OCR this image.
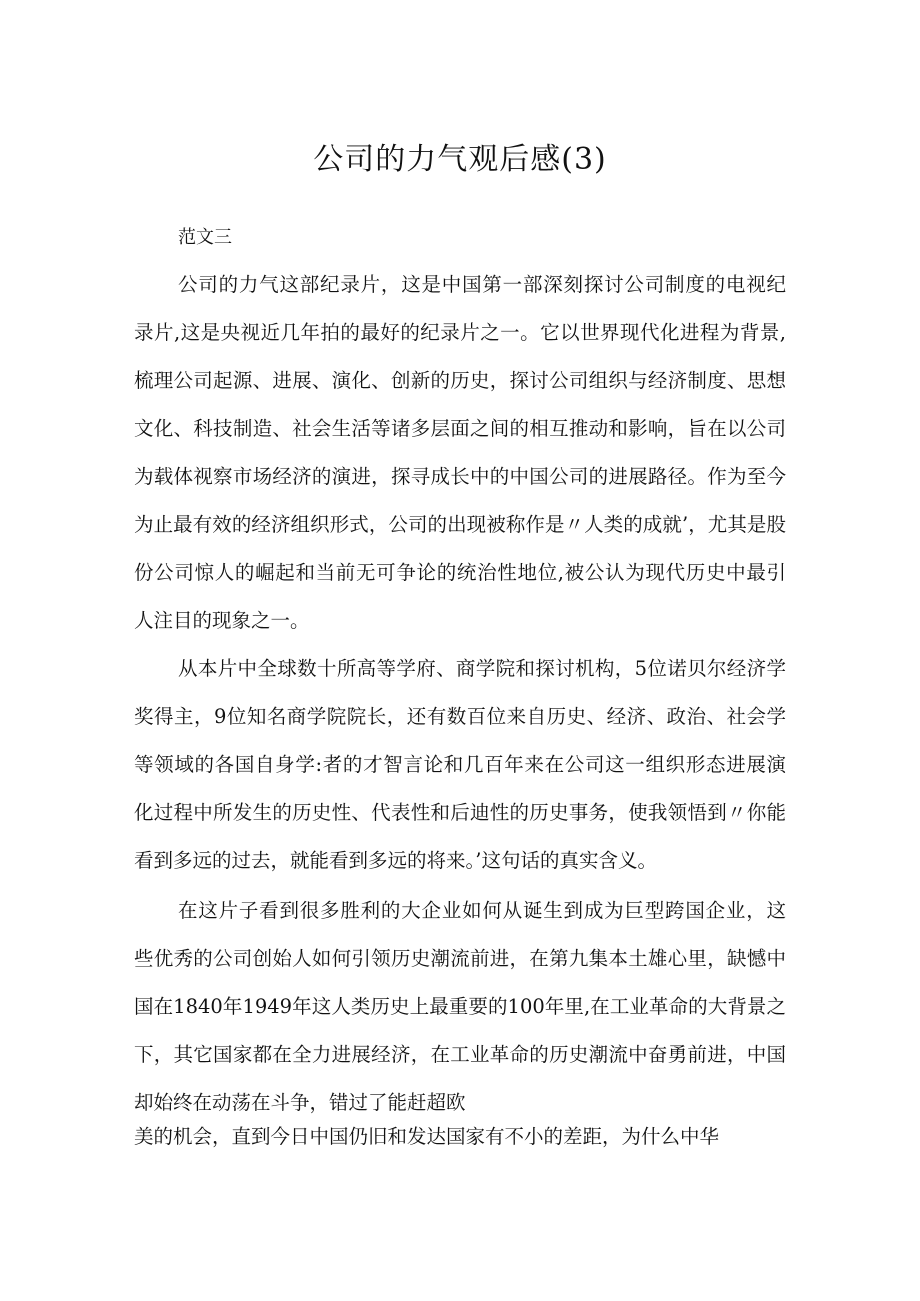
公司的力气观后感(3)

范文三

公司的力气这部纪录片，这是中国第一部深刻探讨公司制度的电视纪

录片,这是央视近几年拍的最好的纪录片之一。它以世界现代化进程为背景,

梳理公司起源、进展、演化、创新的历史，探讨公司组织与经济制度、思想

文化、科技制造、社会生活等诸多层面之间的相互推动和影响，旨在以公司

为载体视察市场经济的演进，探寻成长中的中国公司的进展路径。作为至今

为止最有效的经济组织形式，公司的出现被称作是〃人类的成就’，尤其是股

份公司惊人的崛起和当前无可争论的统治性地位,被公认为现代历史中最引

人注目的现象之一。

从本片中全球数十所高等学府、商学院和探讨机构，5位诺贝尔经济学

奖得主，9位知名商学院院长，还有数百位来自历史、经济、政治、社会学

等领域的各国自身学:者的才智言论和几百年来在公司这一组织形态进展演

化过程中所发生的历史性、代表性和后迪性的历史事务，使我领悟到〃你能

看到多远的过去，就能看到多远的将来。’这句话的真实含义。

在这片子看到很多胜利的大企业如何从诞生到成为巨型跨国企业，这

些优秀的公司创始人如何引领历史潮流前进，在第九集本土雄心里，缺憾中

国在1840年1949年这人类历史上最重要的100年里,在工业革命的大背景之

下，其它国家都在全力进展经济，在工业革命的历史潮流中奋勇前进，中国

却始终在动荡在斗争，错过了能赶超欧

美的机会，直到今日中国仍旧和发达国家有不小的差距，为什么中华
